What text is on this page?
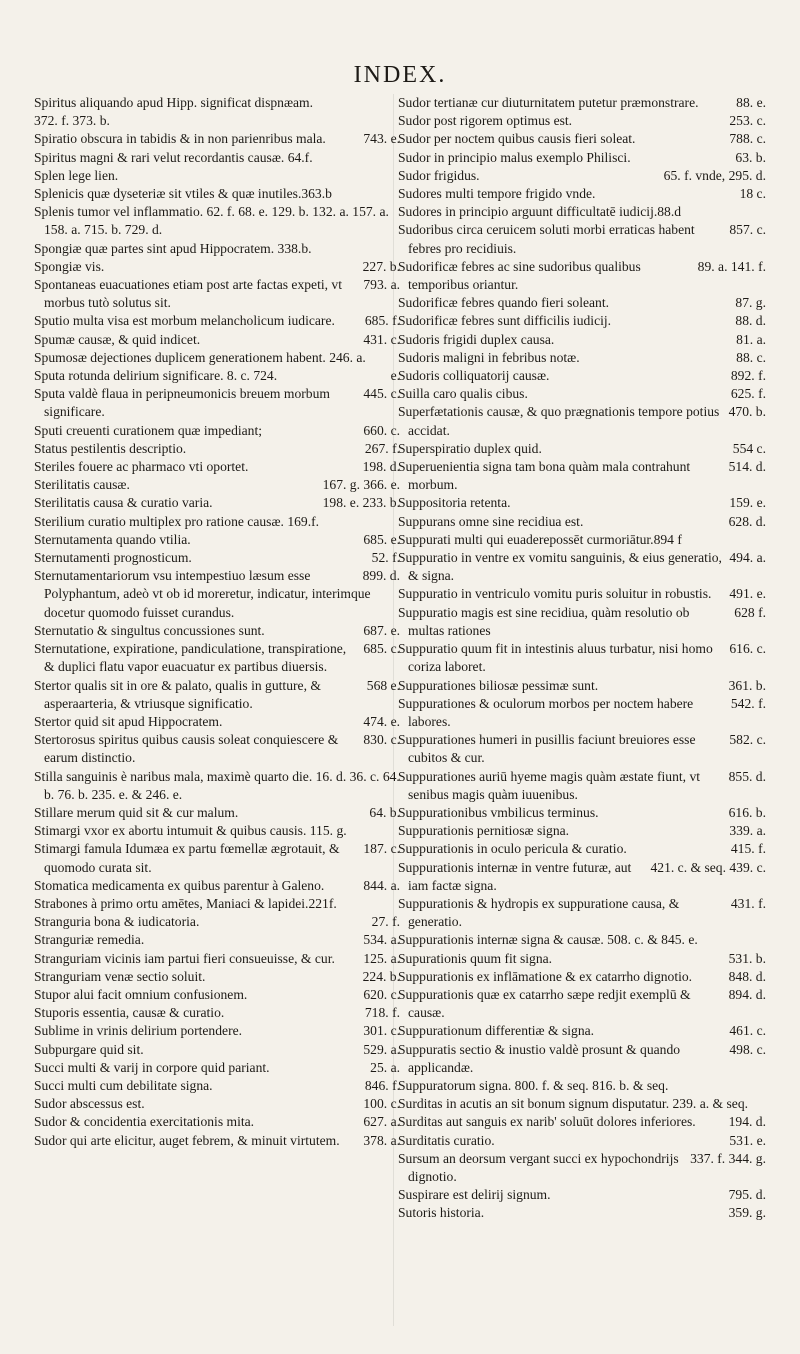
INDEX.

Spiritus aliquando apud Hipp. significat dispnæam.

372. f. 373. b.

743. e.
Spiratio obscura in tabidis & in non parienribus mala.

Spiritus magni & rari velut recordantis causæ. 64.f.

Splen lege lien.

Splenicis quæ dyseteriæ sit vtiles & quæ inutiles.363.b

Splenis tumor vel inflammatio. 62. f. 68. e. 129. b. 132. a. 157. a. 158. a. 715. b. 729. d.

Spongiæ quæ partes sint apud Hippocratem. 338.b.

227. b.
Spongiæ vis.

793. a.
Spontaneas euacuationes etiam post arte factas expeti, vt morbus tutò solutus sit.

685. f.
Sputio multa visa est morbum melancholicum iudicare.

431. c.
Spumæ causæ, & quid indicet.

Spumosæ dejectiones duplicem generationem habent. 246. a.

e.
Sputa rotunda delirium significare. 8. c. 724.

445. c.
Sputa valdè flaua in peripneumonicis breuem morbum significare.

660. c.
Sputi creuenti curationem quæ impediant;

267. f.
Status pestilentis descriptio.

198. d.
Steriles fouere ac pharmaco vti oportet.

167. g. 366. e.
Sterilitatis causæ.

198. e. 233. b.
Sterilitatis causa & curatio varia.

Sterilium curatio multiplex pro ratione causæ. 169.f.

685. e.
Sternutamenta quando vtilia.

52. f.
Sternutamenti prognosticum.

899. d.
Sternutamentariorum vsu intempestiuo læsum esse Polyphantum, adeò vt ob id moreretur, indicatur, interimque docetur quomodo fuisset curandus.

687. e.
Sternutatio & singultus concussiones sunt.

685. c.
Sternutatione, expiratione, pandiculatione, transpiratione, & duplici flatu vapor euacuatur ex partibus diuersis.

568 e.
Stertor qualis sit in ore & palato, qualis in gutture, & asperaarteria, & vtriusque significatio.

474. e.
Stertor quid sit apud Hippocratem.

830. c.
Stertorosus spiritus quibus causis soleat conquiescere & earum distinctio.

Stilla sanguinis è naribus mala, maximè quarto die. 16. d. 36. c. 64. b. 76. b. 235. e. & 246. e.

64. b.
Stillare merum quid sit & cur malum.

Stimargi vxor ex abortu intumuit & quibus causis. 115. g.

187. c.
Stimargi famula Idumæa ex partu fœmellæ ægrotauit, & quomodo curata sit.

844. a.
Stomatica medicamenta ex quibus parentur à Galeno.

Strabones à primo ortu amētes, Maniaci & lapidei.221f.

27. f.
Stranguria bona & iudicatoria.

534. a.
Stranguriæ remedia.

125. a.
Stranguriam vicinis iam partui fieri consueuisse, & cur.

224. b.
Stranguriam venæ sectio soluit.

620. c.
Stupor alui facit omnium confusionem.

718. f.
Stuporis essentia, causæ & curatio.

301. c.
Sublime in vrinis delirium portendere.

529. a.
Subpurgare quid sit.

25. a.
Succi multi & varij in corpore quid pariant.

846. f.
Succi multi cum debilitate signa.

100. c.
Sudor abscessus est.

627. a.
Sudor & concidentia exercitationis mita.

378. a.
Sudor qui arte elicitur, auget febrem, & minuit virtutem.

88. e.
Sudor tertianæ cur diuturnitatem putetur præmonstrare.

253. c.
Sudor post rigorem optimus est.

788. c.
Sudor per noctem quibus causis fieri soleat.

63. b.
Sudor in principio malus exemplo Philisci.

65. f. vnde, 295. d.
Sudor frigidus.

18 c.
Sudores multi tempore frigido vnde.

Sudores in principio arguunt difficultatē iudicij.88.d

857. c.
Sudoribus circa ceruicem soluti morbi erraticas habent febres pro recidiuis.

89. a. 141. f.
Sudorificæ febres ac sine sudoribus qualibus temporibus oriantur.

87. g.
Sudorificæ febres quando fieri soleant.

88. d.
Sudorificæ febres sunt difficilis iudicij.

81. a.
Sudoris frigidi duplex causa.

88. c.
Sudoris maligni in febribus notæ.

892. f.
Sudoris colliquatorij causæ.

625. f.
Suilla caro qualis cibus.

470. b.
Superfætationis causæ, & quo prægnationis tempore potius accidat.

554 c.
Superspiratio duplex quid.

514. d.
Superuenientia signa tam bona quàm mala contrahunt morbum.

159. e.
Suppositoria retenta.

628. d.
Suppurans omne sine recidiua est.

Suppurati multi qui euaderepossēt curmoriātur.894 f

494. a.
Suppuratio in ventre ex vomitu sanguinis, & eius generatio, & signa.

491. e.
Suppuratio in ventriculo vomitu puris soluitur in robustis.

628 f.
Suppuratio magis est sine recidiua, quàm resolutio ob multas rationes

616. c.
Suppuratio quum fit in intestinis aluus turbatur, nisi homo coriza laboret.

361. b.
Suppurationes biliosæ pessimæ sunt.

542. f.
Suppurationes & oculorum morbos per noctem habere labores.

582. c.
Suppurationes humeri in pusillis faciunt breuiores esse cubitos & cur.

855. d.
Suppurationes auriū hyeme magis quàm æstate fiunt, vt senibus magis quàm iuuenibus.

616. b.
Suppurationibus vmbilicus terminus.

339. a.
Suppurationis pernitiosæ signa.

415. f.
Suppurationis in oculo pericula & curatio.

421. c. & seq. 439. c.
Suppurationis internæ in ventre futuræ, aut iam factæ signa.

431. f.
Suppurationis & hydropis ex suppuratione causa, & generatio.

Suppurationis internæ signa & causæ. 508. c. & 845. e.

531. b.
Supurationis quum fit signa.

848. d.
Suppurationis ex inflāmatione & ex catarrho dignotio.

894. d.
Suppurationis quæ ex catarrho sæpe redjit exemplū & causæ.

461. c.
Suppurationum differentiæ & signa.

498. c.
Suppuratis sectio & inustio valdè prosunt & quando applicandæ.

Suppuratorum signa. 800. f. & seq. 816. b. & seq.

Surditas in acutis an sit bonum signum disputatur. 239. a. & seq.

194. d.
Surditas aut sanguis ex narib' soluūt dolores inferiores.

531. e.
Surditatis curatio.

337. f. 344. g.
Sursum an deorsum vergant succi ex hypochondrijs dignotio.

795. d.
Suspirare est delirij signum.

359. g.
Sutoris historia.
